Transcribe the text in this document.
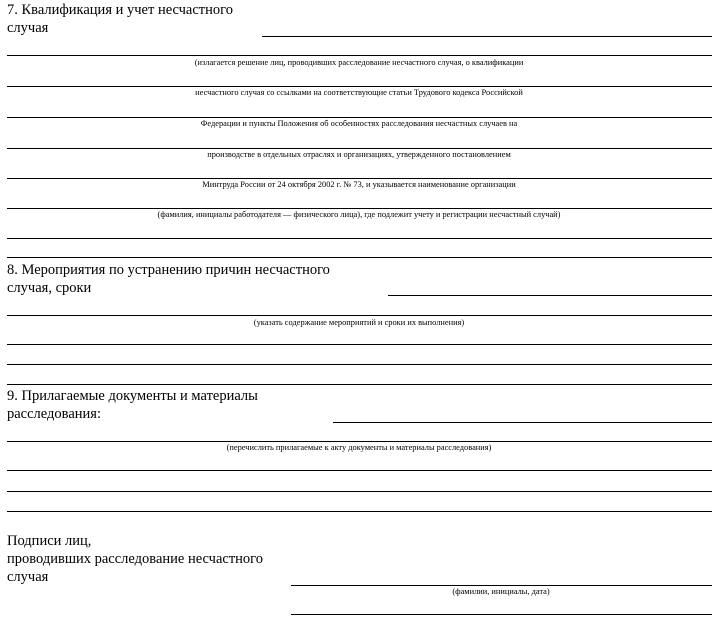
7. Квалификация и учет несчастного
случая
(излагается решение лиц, проводивших расследование несчастного случая, о квалификации
несчастного случая со ссылками на соответствующие статьи Трудового кодекса Российской
Федерации и пункты Положения об особенностях расследования несчастных случаев на
производстве в отдельных отраслях и организациях, утвержденного постановлением
Минтруда России от 24 октября 2002 г. № 73, и указывается наименование организации
(фамилия, инициалы работодателя — физического лица), где подлежит учету и регистрации несчастный случай)
8. Мероприятия по устранению причин несчастного
случая, сроки
(указать содержание мероприятий и сроки их выполнения)
9. Прилагаемые документы и материалы
расследования:
(перечислить прилагаемые к акту документы и материалы расследования)
Подписи лиц,
проводивших расследование несчастного
случая
(фамилии, инициалы, дата)
